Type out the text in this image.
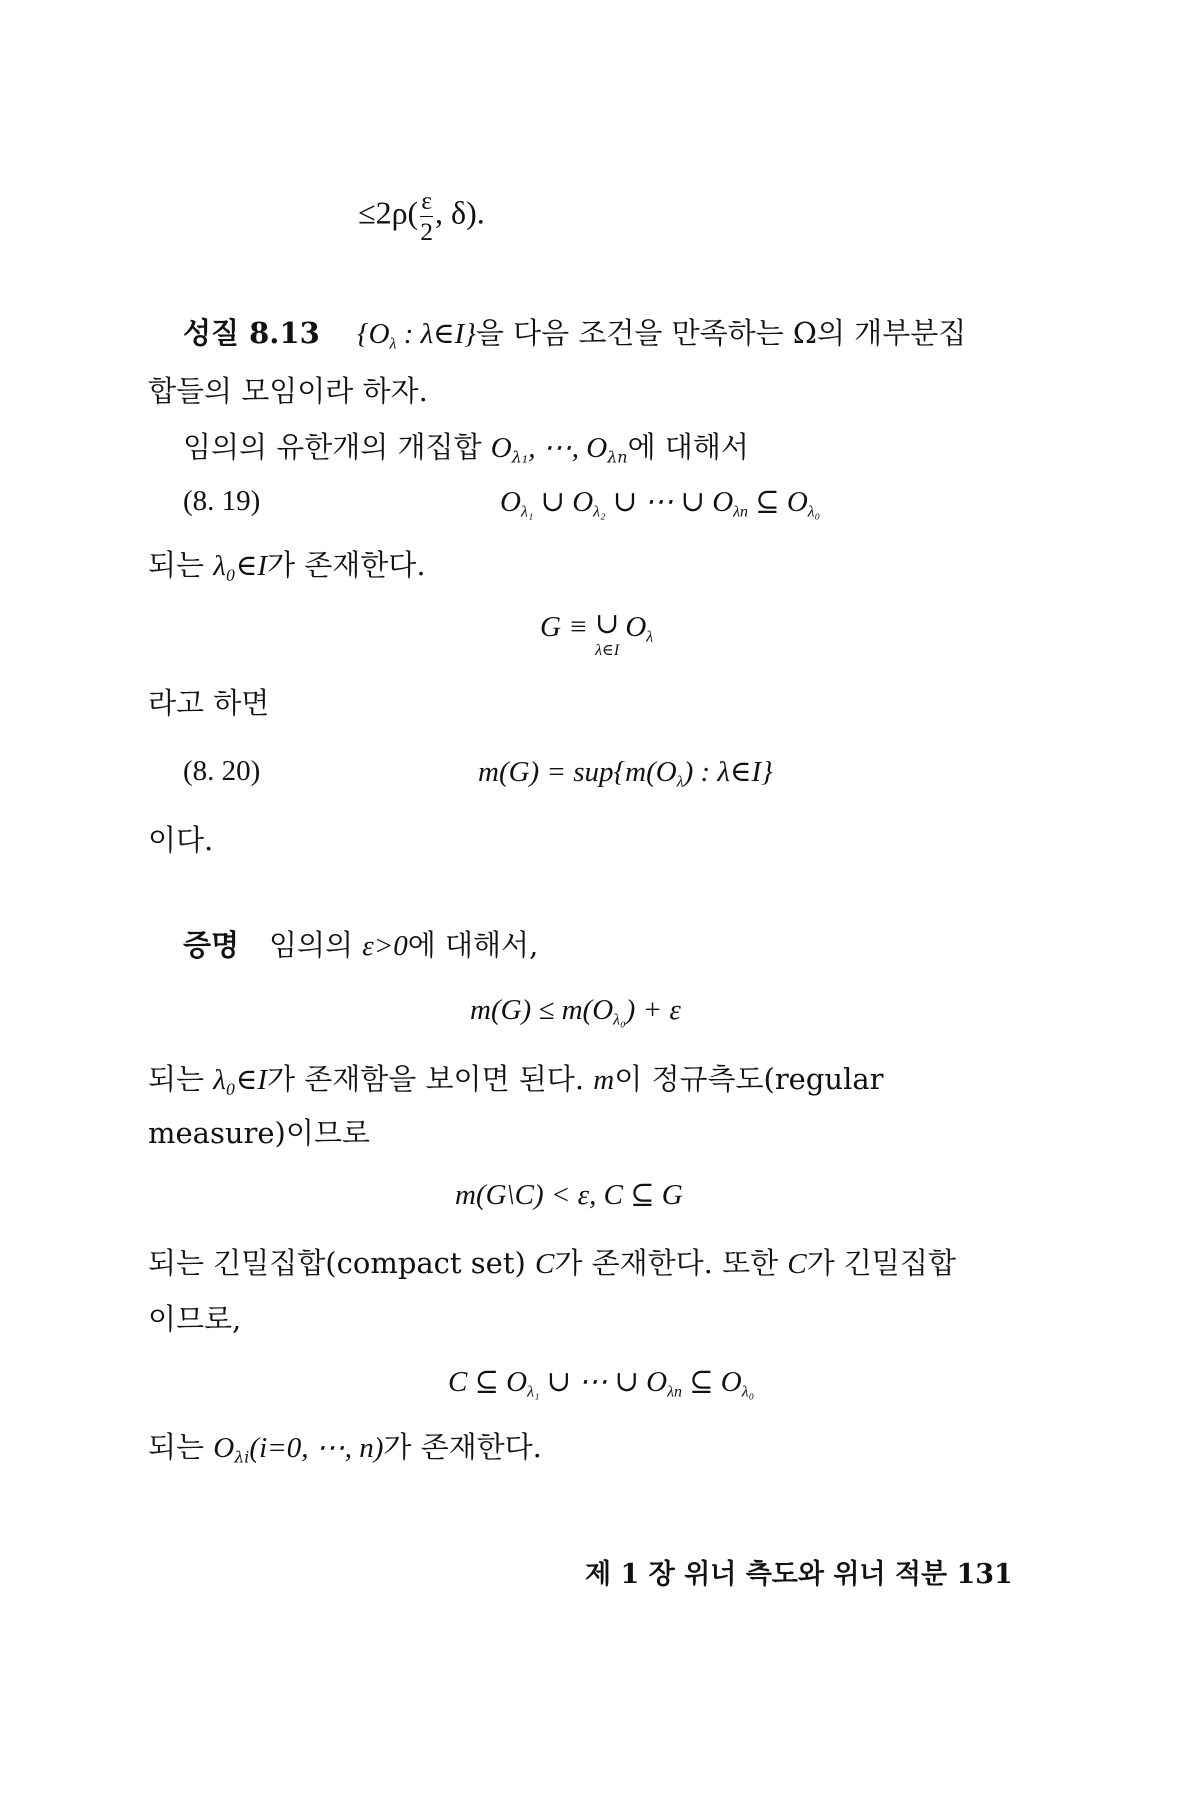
$\le 2\rho( \frac{\varepsilon}{2}$ , δ).
성질 8.13 {$O_\lambda$ : λ∈I}을 다음 조건을 만족하는 Ω의 개부분집
합들의 모임이라 하자.
임의의 유한개의 개집합 $O_{\lambda_1}$, ⋯, $O_{\lambda n}$에 대해서
(8. 19)	$O_{\lambda_1}$ ∪ $O_{\lambda_2}$ ∪ ⋯ ∪ $O_{\lambda n}$ ⊆ $O_{\lambda_0}$
되는 λ₀∈I가 존재한다.
G ≡ ∪
λ∈I
$O_\lambda$
라고 하면
(8. 20)	$m(G) = sup\{m(O_\lambda)$ : λ∈I}
이다.
증명 임의의 ε>0에 대해서,
$m(G) \le m(O_{\lambda_0}) + \varepsilon$
되는 λ₀∈I가 존재함을 보이면 된다. m이 정규측도(regular
measure)이므로
m(G\C) < ε, C ⊆ G
되는 긴밀집합(compact set) C가 존재한다. 또한 C가 긴밀집합
이므로,
C ⊆ $O_{\lambda_1}$ ∪ ⋯ ∪ $O_{\lambda n}$ ⊆ $O_{\lambda_0}$
되는 $O_{\lambda i}(i=0$, ⋯, n)가 존재한다.
제 1 장 위너 측도와 위너 적분 131
